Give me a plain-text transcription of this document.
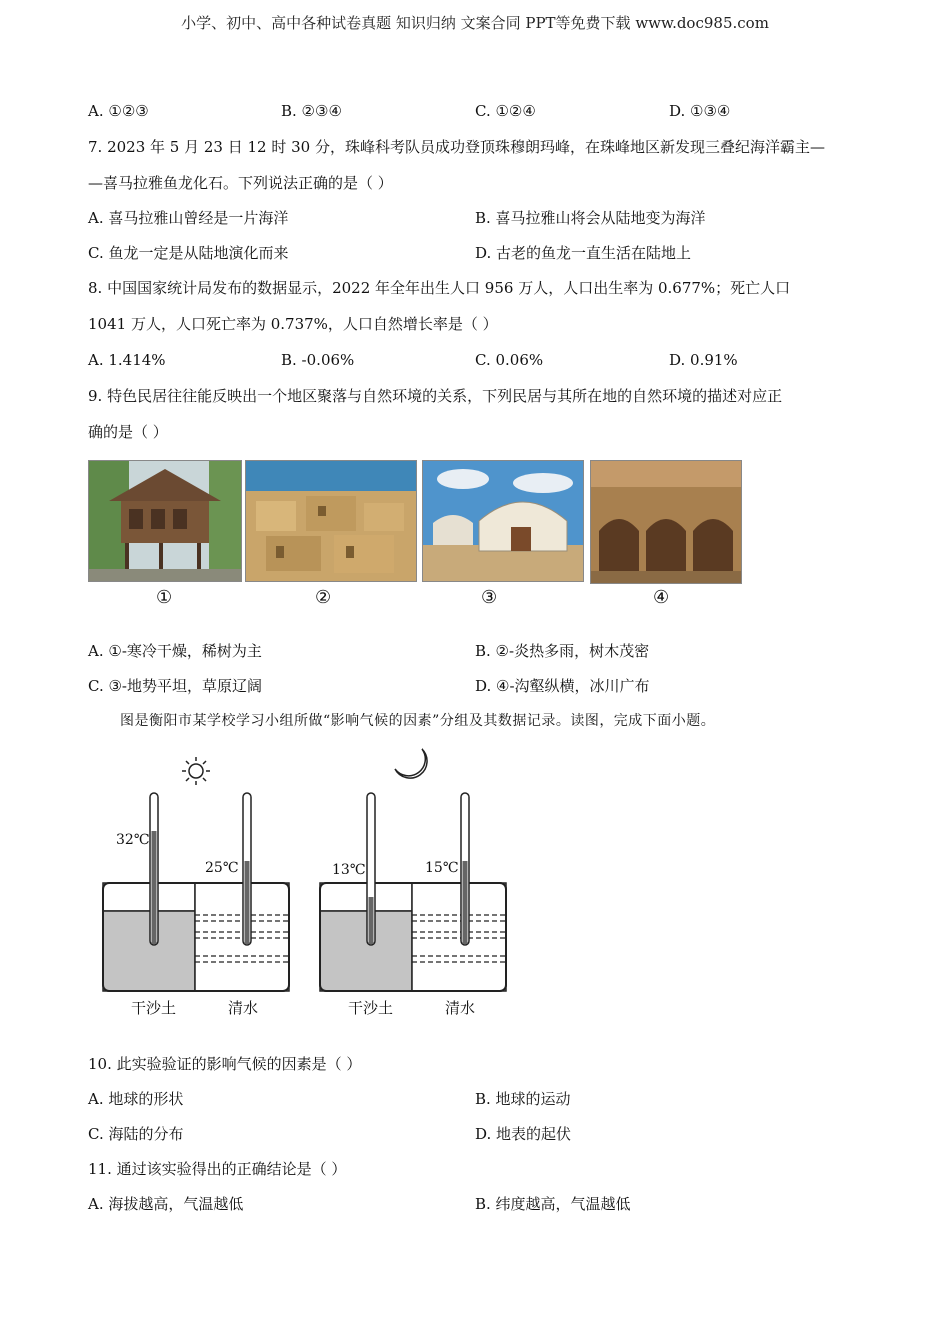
小学、初中、高中各种试卷真题 知识归纳 文案合同 PPT等免费下载 www.doc985.com
A. ①②③	B. ②③④	C. ①②④	D. ①③④
7. 2023 年 5 月 23 日 12 时 30 分，珠峰科考队员成功登顶珠穆朗玛峰，在珠峰地区新发现三叠纪海洋霸主—
—喜马拉雅鱼龙化石。下列说法正确的是（ ）
A. 喜马拉雅山曾经是一片海洋	B. 喜马拉雅山将会从陆地变为海洋
C. 鱼龙一定是从陆地演化而来	D. 古老的鱼龙一直生活在陆地上
8. 中国国家统计局发布的数据显示，2022 年全年出生人口 956 万人，人口出生率为 0.677%；死亡人口
1041 万人，人口死亡率为 0.737%，人口自然增长率是（ ）
A. 1.414%	B. -0.06%	C. 0.06%	D. 0.91%
9. 特色民居往往能反映出一个地区聚落与自然环境的关系，下列民居与其所在地的自然环境的描述对应正
确的是（ ）
①	②	③	④
A. ①-寒冷干燥，稀树为主	B. ②-炎热多雨，树木茂密
C. ③-地势平坦，草原辽阔	D. ④-沟壑纵横，冰川广布
图是衡阳市某学校学习小组所做“影响气候的因素”分组及其数据记录。读图，完成下面小题。
32℃
25℃	13℃	15℃
干沙土	清水	干沙土	清水
10. 此实验验证的影响气候的因素是（ ）
A. 地球的形状	B. 地球的运动
C. 海陆的分布	D. 地表的起伏
11. 通过该实验得出的正确结论是（ ）
A. 海拔越高，气温越低	B. 纬度越高，气温越低
